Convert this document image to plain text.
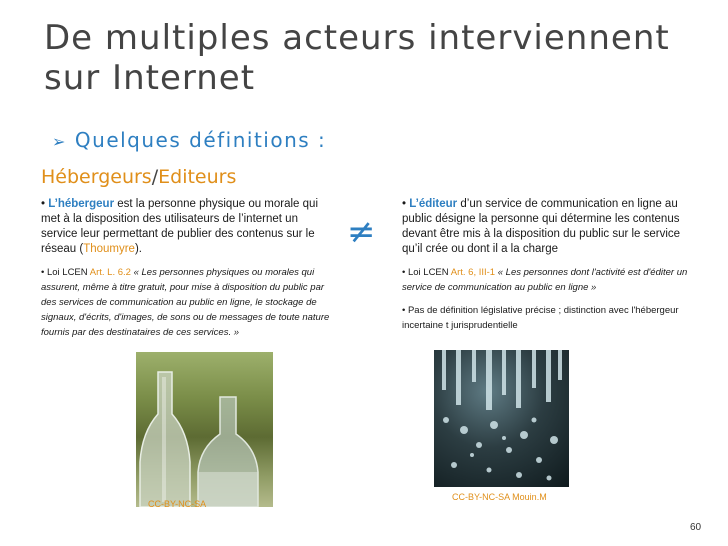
De multiples acteurs interviennent sur Internet
➢ Quelques définitions :
Hébergeurs/Editeurs

• L’hébergeur est la personne physique ou morale qui met à la disposition des utilisateurs de l’internet un service leur permettant de publier des contenus sur le réseau (Thoumyre).

• Loi LCEN Art. L. 6.2 « Les personnes physiques ou morales qui assurent, même à titre gratuit, pour mise à disposition du public par des services de communication au public en ligne, le stockage de signaux, d'écrits, d'images, de sons ou de messages de toute nature fournis par des destinataires de ces services. »

≠

• L’éditeur d’un service de communication en ligne au public désigne la personne qui détermine les contenus devant être mis à la disposition du public sur le service qu’il crée ou dont il a la charge

• Loi LCEN Art. 6, III-1 « Les personnes dont l'activité est d'éditer un service de communication au public en ligne »

• Pas de définition législative précise ; distinction avec l'hébergeur incertaine t jurisprudentielle

CC-BY-NC-SA
CC-BY-NC-SA Mouin.M
60
